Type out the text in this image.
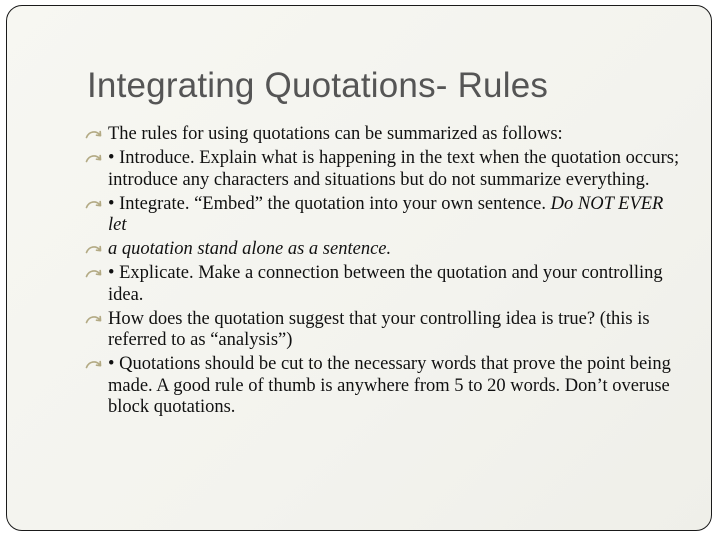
Integrating Quotations- Rules
The rules for using quotations can be summarized as follows:
• Introduce. Explain what is happening in the text when the quotation occurs; introduce any characters and situations but do not summarize everything.
• Integrate. “Embed” the quotation into your own sentence. Do NOT EVER let
a quotation stand alone as a sentence.
• Explicate. Make a connection between the quotation and your controlling idea.
How does the quotation suggest that your controlling idea is true? (this is referred to as “analysis”)
• Quotations should be cut to the necessary words that prove the point being made. A good rule of thumb is anywhere from 5 to 20 words. Don’t overuse block quotations.
